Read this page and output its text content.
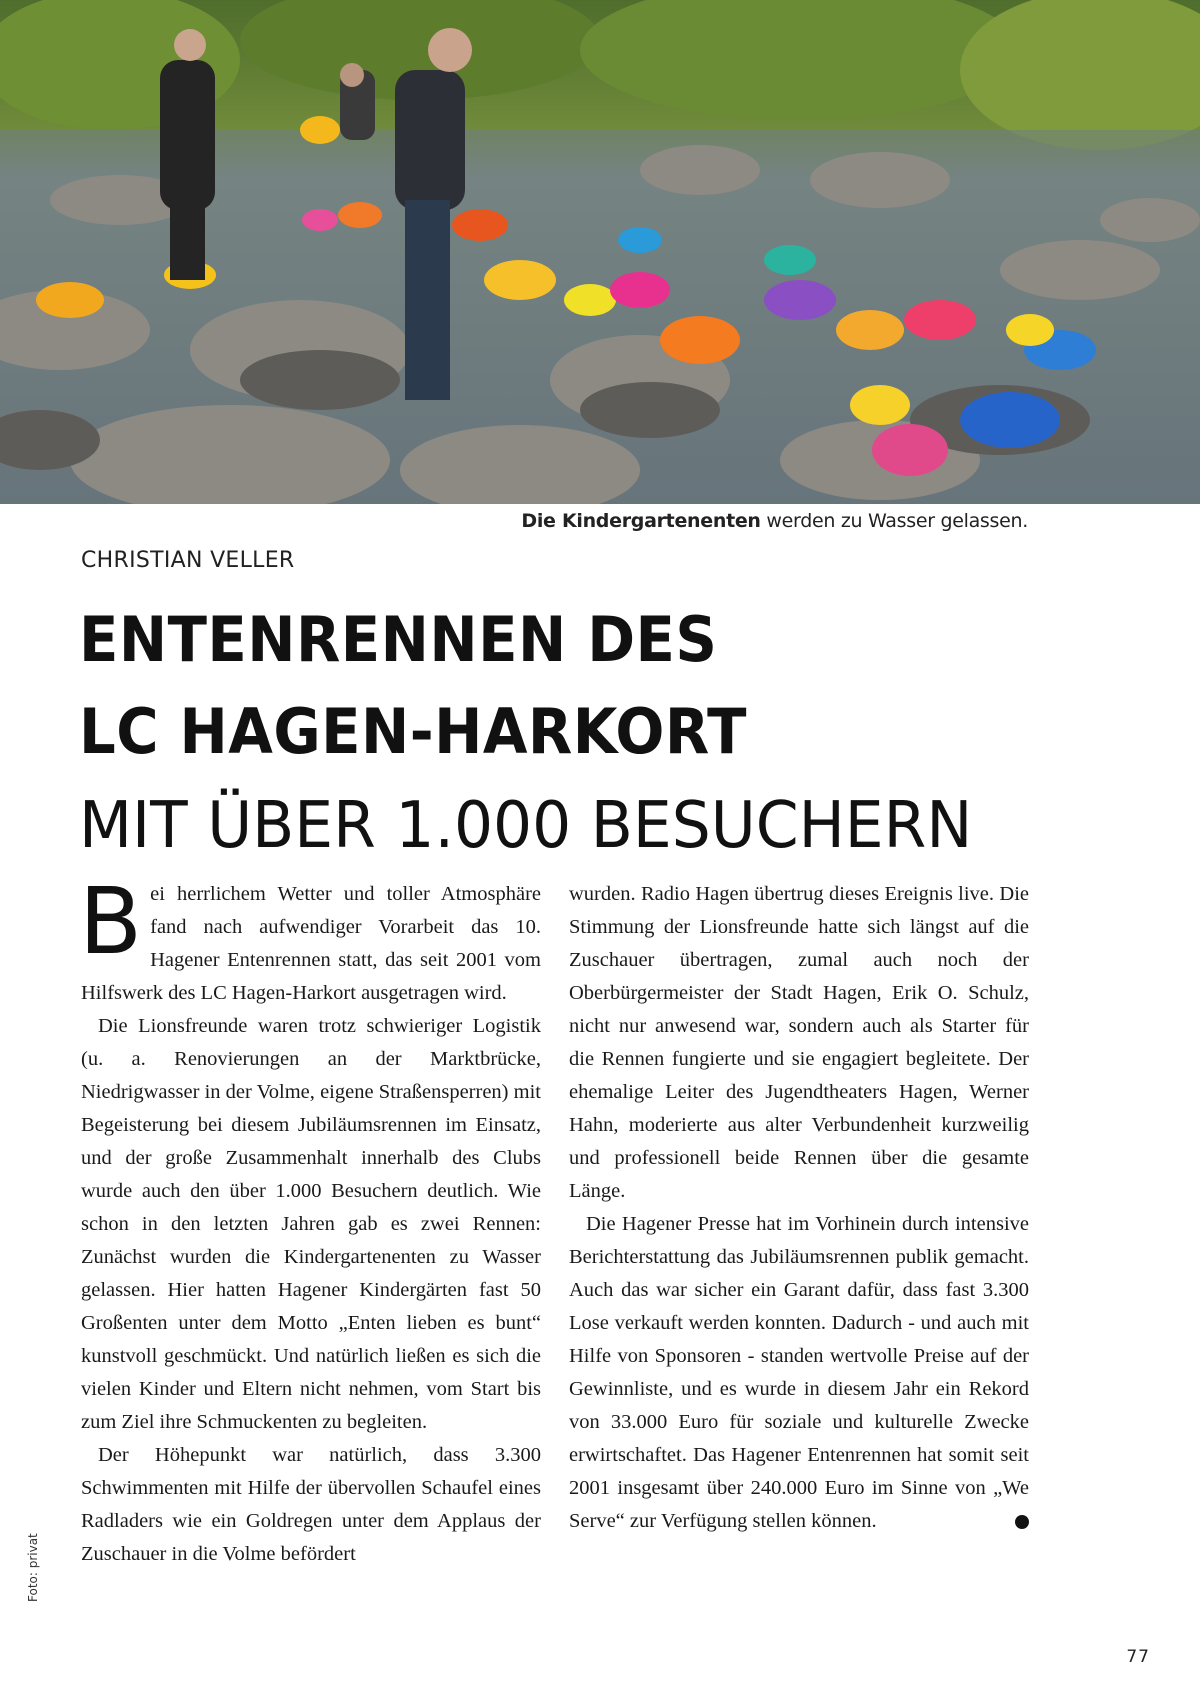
Die Kindergartenenten werden zu Wasser gelassen.
CHRISTIAN VELLER
ENTENRENNEN DES
LC HAGEN-HARKORT
MIT ÜBER 1.000 BESUCHERN

Bei herrlichem Wetter und toller Atmosphäre fand nach aufwendiger Vorarbeit das 10. Hagener Entenrennen statt, das seit 2001 vom Hilfswerk des LC Hagen-Harkort ausgetragen wird.

Die Lionsfreunde waren trotz schwieriger Logistik (u. a. Renovierungen an der Marktbrücke, Niedrigwasser in der Volme, eigene Straßensperren) mit Begeisterung bei diesem Jubiläumsrennen im Einsatz, und der große Zusammenhalt innerhalb des Clubs wurde auch den über 1.000 Besuchern deutlich. Wie schon in den letzten Jahren gab es zwei Rennen: Zunächst wurden die Kindergartenenten zu Wasser gelassen. Hier hatten Hagener Kindergärten fast 50 Großenten unter dem Motto „Enten lieben es bunt“ kunstvoll geschmückt. Und natürlich ließen es sich die vielen Kinder und Eltern nicht nehmen, vom Start bis zum Ziel ihre Schmuckenten zu begleiten.

Der Höhepunkt war natürlich, dass 3.300 Schwimmenten mit Hilfe der übervollen Schaufel eines Radladers wie ein Goldregen unter dem Applaus der Zuschauer in die Volme befördert

wurden. Radio Hagen übertrug dieses Ereignis live. Die Stimmung der Lionsfreunde hatte sich längst auf die Zuschauer übertragen, zumal auch noch der Oberbürgermeister der Stadt Hagen, Erik O. Schulz, nicht nur anwesend war, sondern auch als Starter für die Rennen fungierte und sie engagiert begleitete. Der ehemalige Leiter des Jugendtheaters Hagen, Werner Hahn, moderierte aus alter Verbundenheit kurzweilig und professionell beide Rennen über die gesamte Länge.

Die Hagener Presse hat im Vorhinein durch intensive Berichterstattung das Jubiläumsrennen publik gemacht. Auch das war sicher ein Garant dafür, dass fast 3.300 Lose verkauft werden konnten. Dadurch - und auch mit Hilfe von Sponsoren - standen wertvolle Preise auf der Gewinnliste, und es wurde in diesem Jahr ein Rekord von 33.000 Euro für soziale und kulturelle Zwecke erwirtschaftet. Das Hagener Entenrennen hat somit seit 2001 insgesamt über 240.000 Euro im Sinne von „We Serve“ zur Verfügung stellen können.	L

Foto: privat
77
